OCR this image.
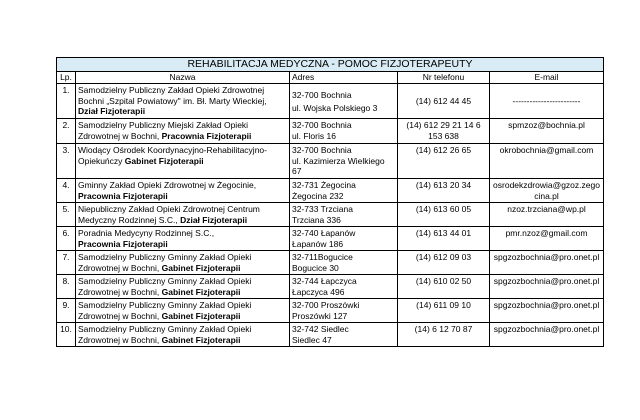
REHABILITACJA MEDYCZNA - POMOC FIZJOTERAPEUTY				
Lp.	Nazwa	Adres	Nr telefonu	E-mail
1.	Samodzielny Publiczny Zakład Opieki Zdrowotnej Bochni „Szpital Powiatowy" im. Bł. Marty Wieckiej, Dział Fizjoterapii	32-700 Bochnia
ul. Wojska Polskiego 3	(14) 612 44 45	------------------------
2.	Samodzielny Publiczny Miejski Zakład Opieki Zdrowotnej w Bochni, Pracownia Fizjoterapii	32-700 Bochnia
ul. Floris 16	(14) 612 29 21 14 6 153 638	spmzoz@bochnia.pl
3.	Wiodący Ośrodek Koordynacyjno-Rehabilitacyjno-Opiekuńczy Gabinet Fizjoterapii	32-700 Bochnia
ul. Kazimierza Wielkiego 67	(14) 612 26 65	okrobochnia@gmail.com
4.	Gminny Zakład Opieki Zdrowotnej w Żegocinie, Pracownia Fizjoterapii	32-731 Żegocina
Żegocina 232	(14) 613 20 34	osrodekzdrowia@gzoz.zegocina.pl
5.	Niepubliczny Zakład Opieki Zdrowotnej Centrum Medyczny Rodzinnej S.C., Dział Fizjoterapii	32-733 Trzciana
Trzciana 336	(14) 613 60 05	nzoz.trzciana@wp.pl
6.	Poradnia Medycyny Rodzinnej S.C.,
Pracownia Fizjoterapii	32-740 Łapanów
Łapanów 186	(14) 613 44 01	pmr.nzoz@gmail.com
7.	Samodzielny Publiczny Gminny Zakład Opieki Zdrowotnej w Bochni, Gabinet Fizjoterapii	32-711Bogucice
Bogucice 30	(14) 612 09 03	spgzozbochnia@pro.onet.pl
8.	Samodzielny Publiczny Gminny Zakład Opieki Zdrowotnej w Bochni, Gabinet Fizjoterapii	32-744 Łapczyca
Łapczyca 496	(14) 610 02 50	spgzozbochnia@pro.onet.pl
9.	Samodzielny Publiczny Gminny Zakład Opieki Zdrowotnej w Bochni, Gabinet Fizjoterapii	32-700 Proszówki
Proszówki 127	(14) 611 09 10	spgzozbochnia@pro.onet.pl
10.	Samodzielny Publiczny Gminny Zakład Opieki Zdrowotnej w Bochni, Gabinet Fizjoterapii	32-742 Siedlec
Siedlec 47	(14) 6 12 70 87	spgzozbochnia@pro.onet.pl
